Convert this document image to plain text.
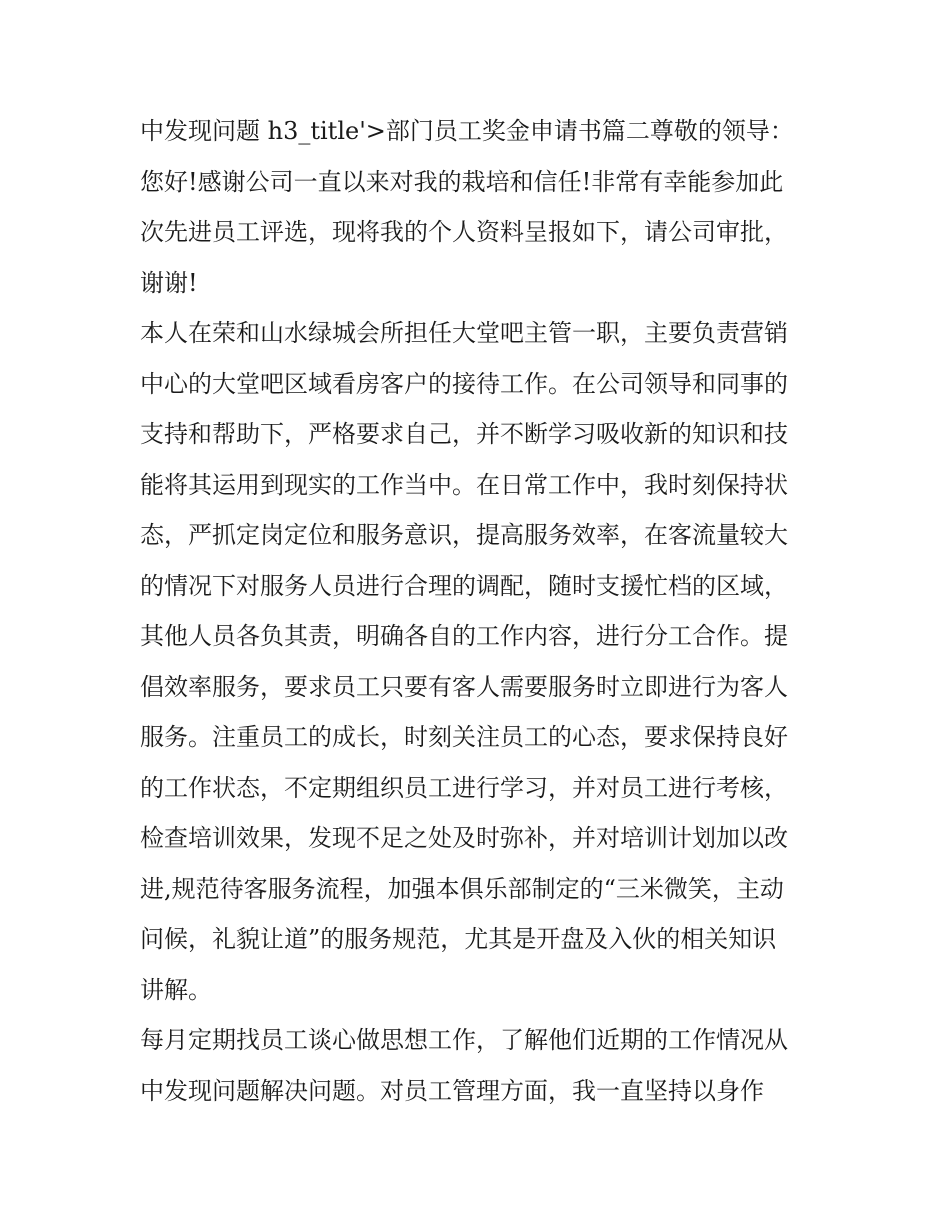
中发现问题 h3_title'>部门员工奖金申请书篇二尊敬的领导：

您好!感谢公司一直以来对我的栽培和信任!非常有幸能参加此
次先进员工评选，现将我的个人资料呈报如下，请公司审批，
谢谢!

本人在荣和山水绿城会所担任大堂吧主管一职，主要负责营销
中心的大堂吧区域看房客户的接待工作。在公司领导和同事的
支持和帮助下，严格要求自己，并不断学习吸收新的知识和技
能将其运用到现实的工作当中。在日常工作中，我时刻保持状
态，严抓定岗定位和服务意识，提高服务效率，在客流量较大
的情况下对服务人员进行合理的调配，随时支援忙档的区域，
其他人员各负其责，明确各自的工作内容，进行分工合作。提
倡效率服务，要求员工只要有客人需要服务时立即进行为客人
服务。注重员工的成长，时刻关注员工的心态，要求保持良好
的工作状态，不定期组织员工进行学习，并对员工进行考核，
检查培训效果，发现不足之处及时弥补，并对培训计划加以改
进,规范待客服务流程，加强本俱乐部制定的“三米微笑，主动
问候，礼貌让道”的服务规范，尤其是开盘及入伙的相关知识
讲解。

每月定期找员工谈心做思想工作，了解他们近期的工作情况从
中发现问题解决问题。对员工管理方面，我一直坚持以身作
